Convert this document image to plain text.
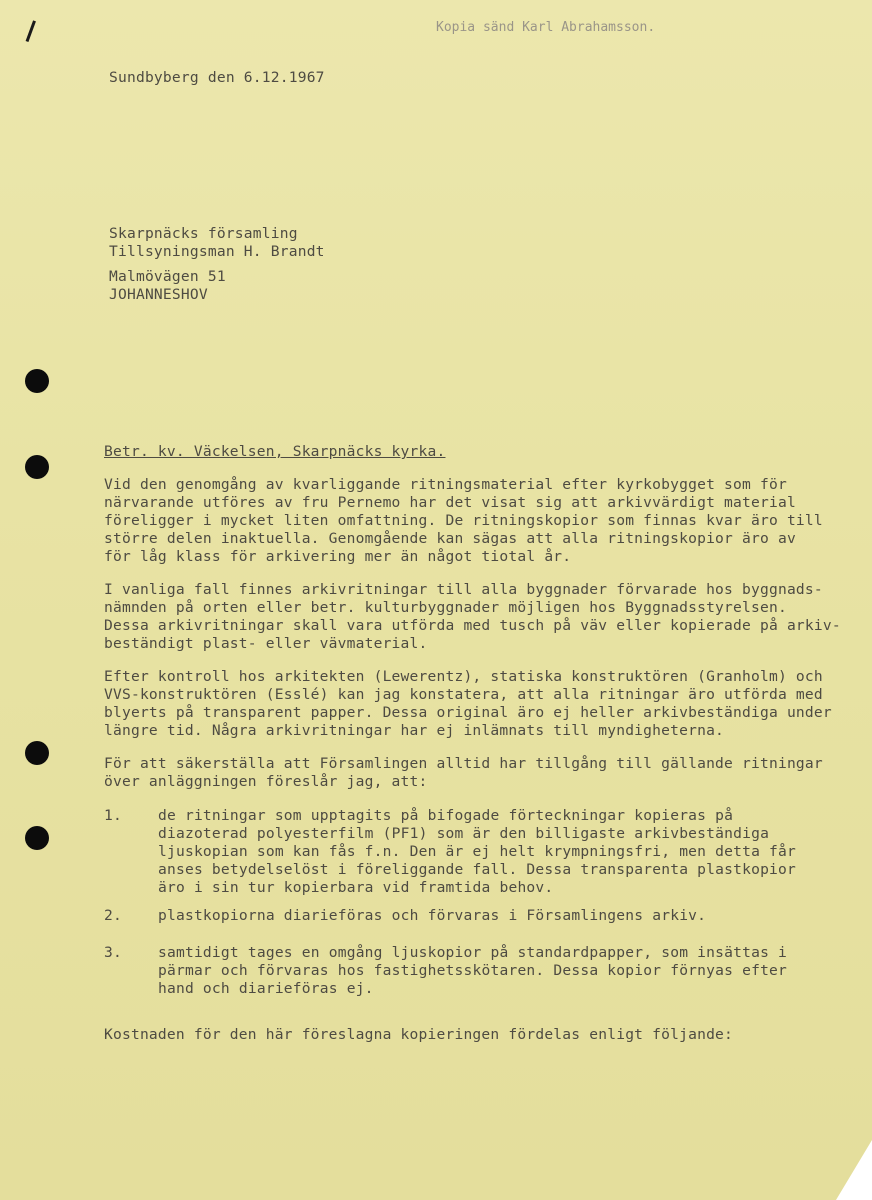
Kopia sänd Karl Abrahamsson.
Sundbyberg den 6.12.1967
Skarpnäcks församling
Tillsyningsman H. Brandt
Malmövägen 51
JOHANNESHOV
Betr. kv. Väckelsen, Skarpnäcks kyrka.
Vid den genomgång av kvarliggande ritningsmaterial efter kyrkobygget som för
närvarande utföres av fru Pernemo har det visat sig att arkivvärdigt material
föreligger i mycket liten omfattning. De ritningskopior som finnas kvar äro till
större delen inaktuella. Genomgående kan sägas att alla ritningskopior äro av
för låg klass för arkivering mer än något tiotal år.
I vanliga fall finnes arkivritningar till alla byggnader förvarade hos byggnads-
nämnden på orten eller betr. kulturbyggnader möjligen hos Byggnadsstyrelsen.
Dessa arkivritningar skall vara utförda med tusch på väv eller kopierade på arkiv-
beständigt plast- eller vävmaterial.
Efter kontroll hos arkitekten (Lewerentz), statiska konstruktören (Granholm) och
VVS-konstruktören (Esslé) kan jag konstatera, att alla ritningar äro utförda med
blyerts på transparent papper. Dessa original äro ej heller arkivbeständiga under
längre tid. Några arkivritningar har ej inlämnats till myndigheterna.
För att säkerställa att Församlingen alltid har tillgång till gällande ritningar
över anläggningen föreslår jag, att:
1. de ritningar som upptagits på bifogade förteckningar kopieras på
diazoterad polyesterfilm (PF1) som är den billigaste arkivbeständiga
ljuskopian som kan fås f.n. Den är ej helt krympningsfri, men detta får
anses betydelselöst i föreliggande fall. Dessa transparenta plastkopior
äro i sin tur kopierbara vid framtida behov.
2. plastkopiorna diarieföras och förvaras i Församlingens arkiv.
3. samtidigt tages en omgång ljuskopior på standardpapper, som insättas i
pärmar och förvaras hos fastighetsskötaren. Dessa kopior förnyas efter
hand och diarieföras ej.
Kostnaden för den här föreslagna kopieringen fördelas enligt följande:
